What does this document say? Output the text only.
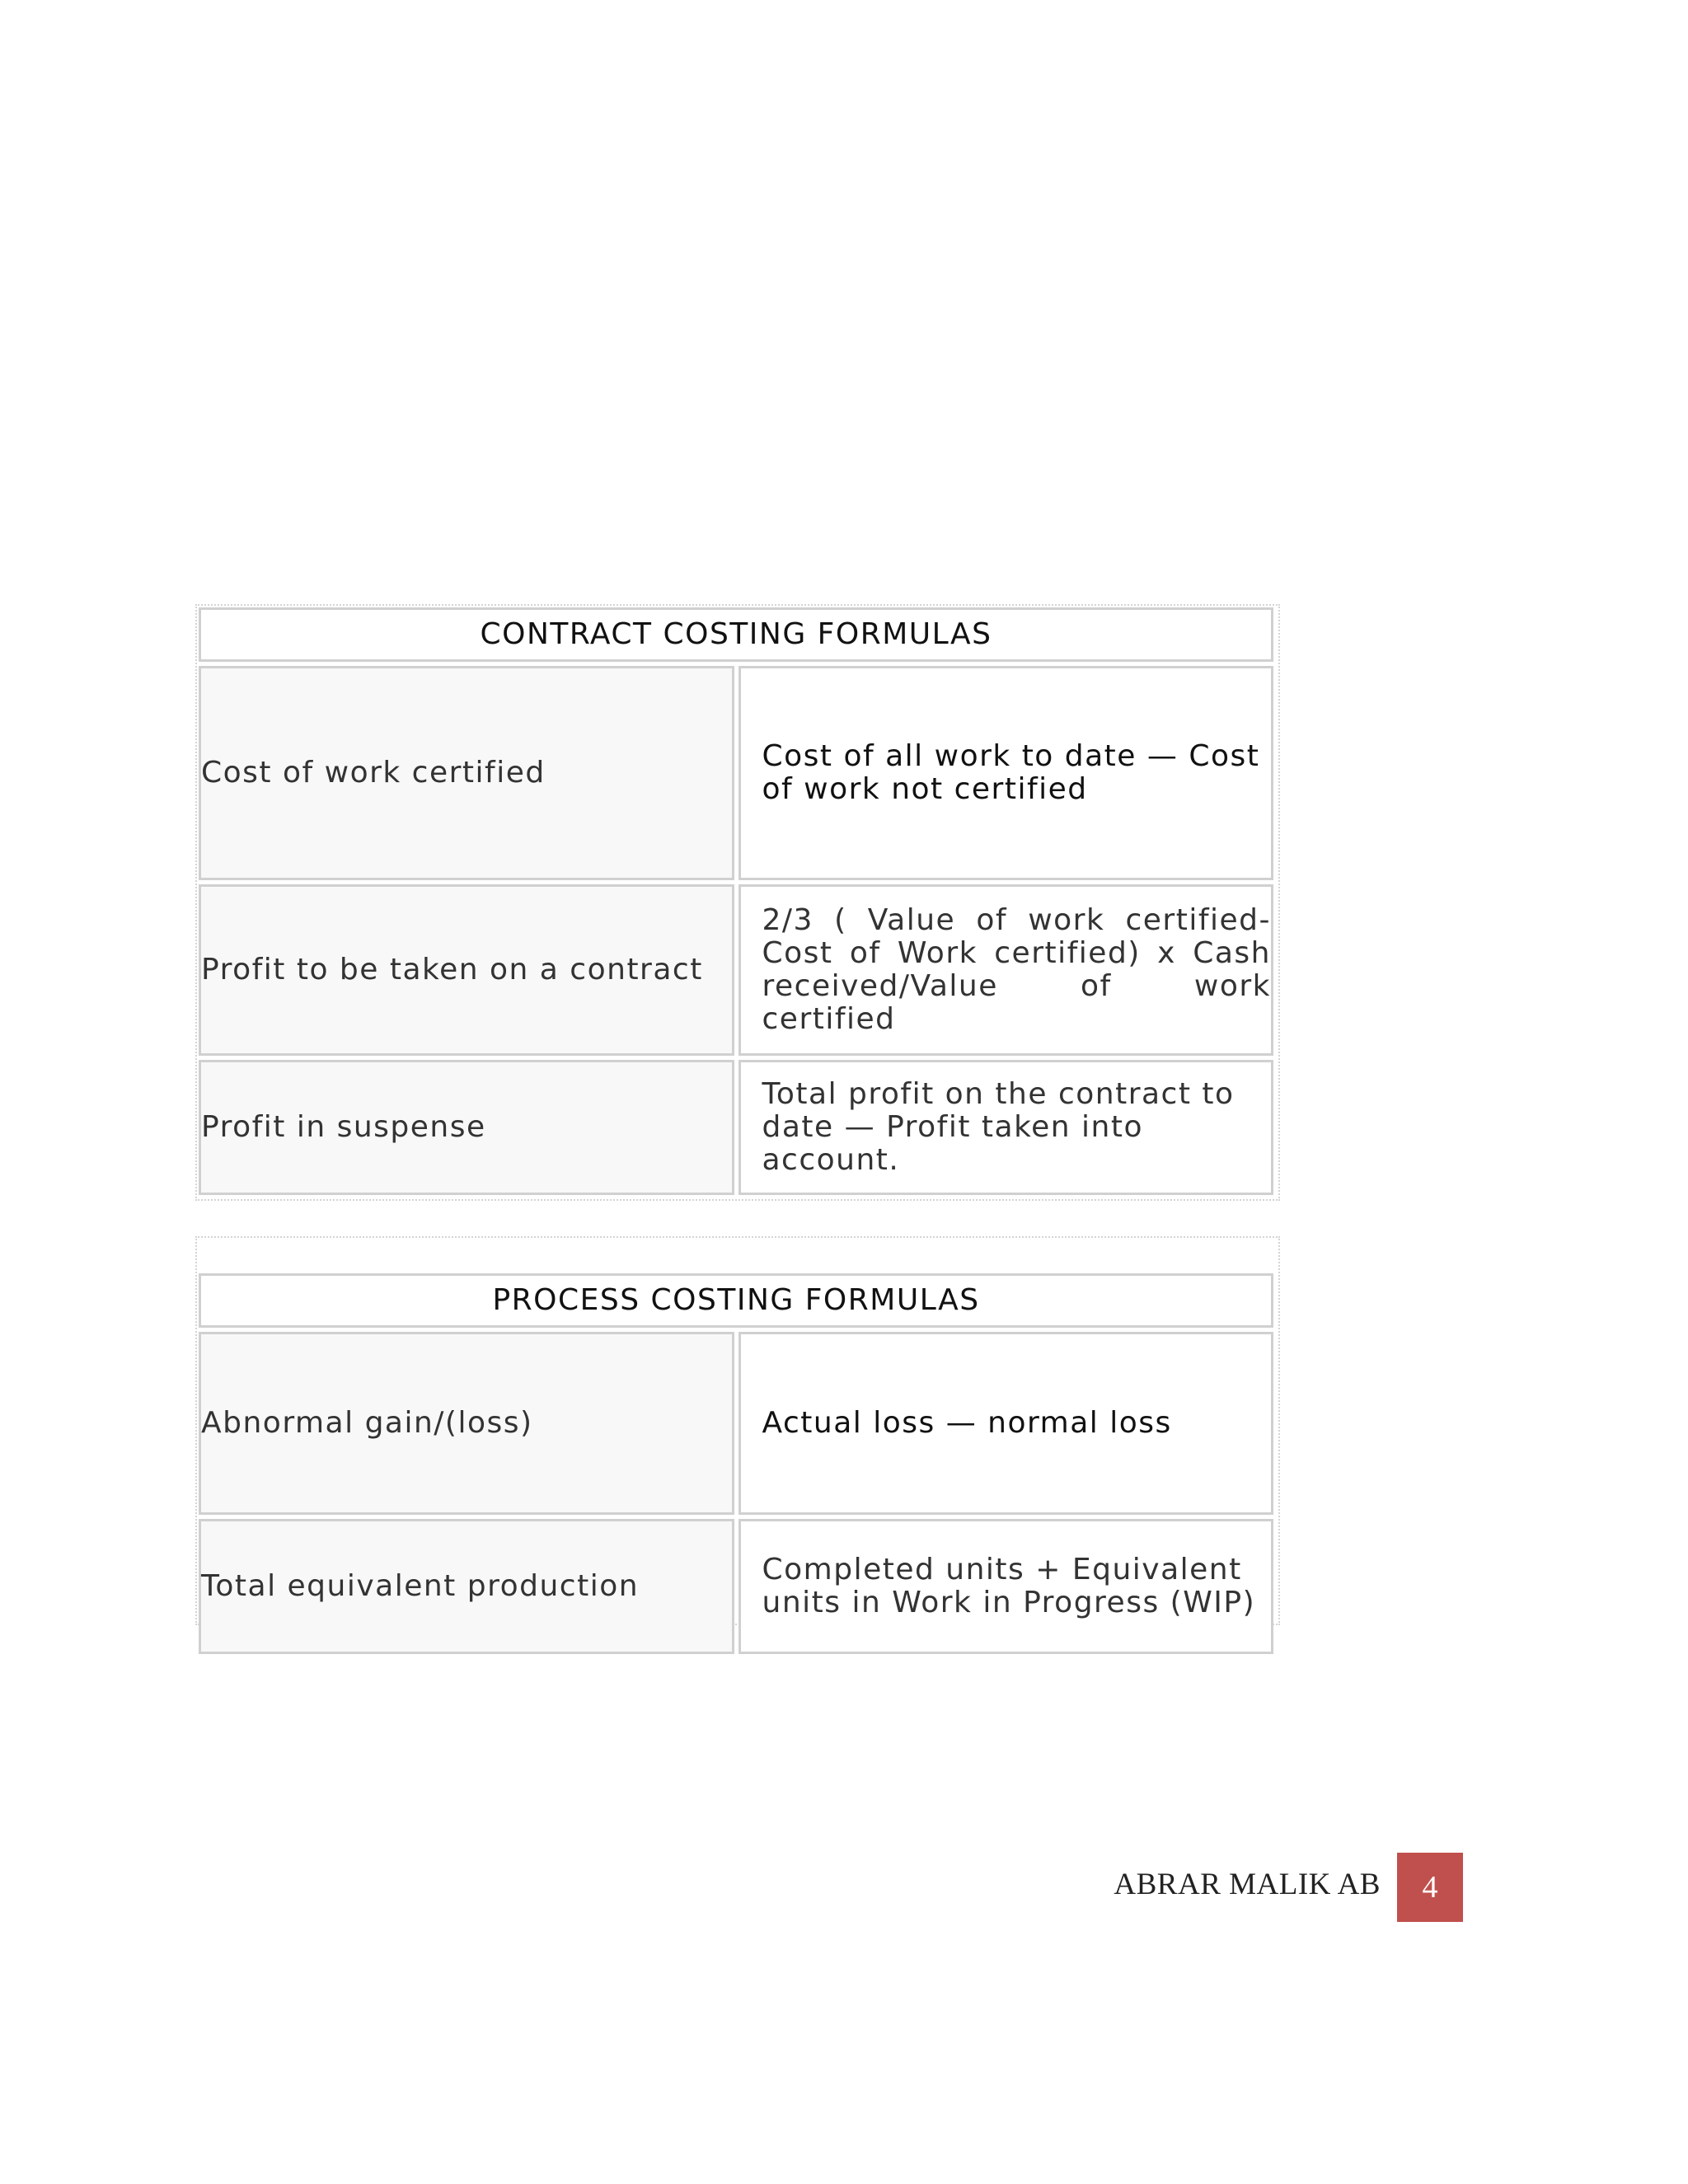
CONTRACT COSTING FORMULAS	
Cost of work certified	Cost of all work to date — Cost of work not certified
Profit to be taken on a contract	2/3 ( Value of work certified-Cost of Work certified) x Cash received/Value of work certified
Profit in suspense	Total profit on the contract to date — Profit taken into  account.
PROCESS COSTING FORMULAS	
Abnormal gain/(loss)	Actual loss — normal loss
Total equivalent production	Completed units + Equivalent units in Work in Progress (WIP)
ABRAR MALIK AB 4
